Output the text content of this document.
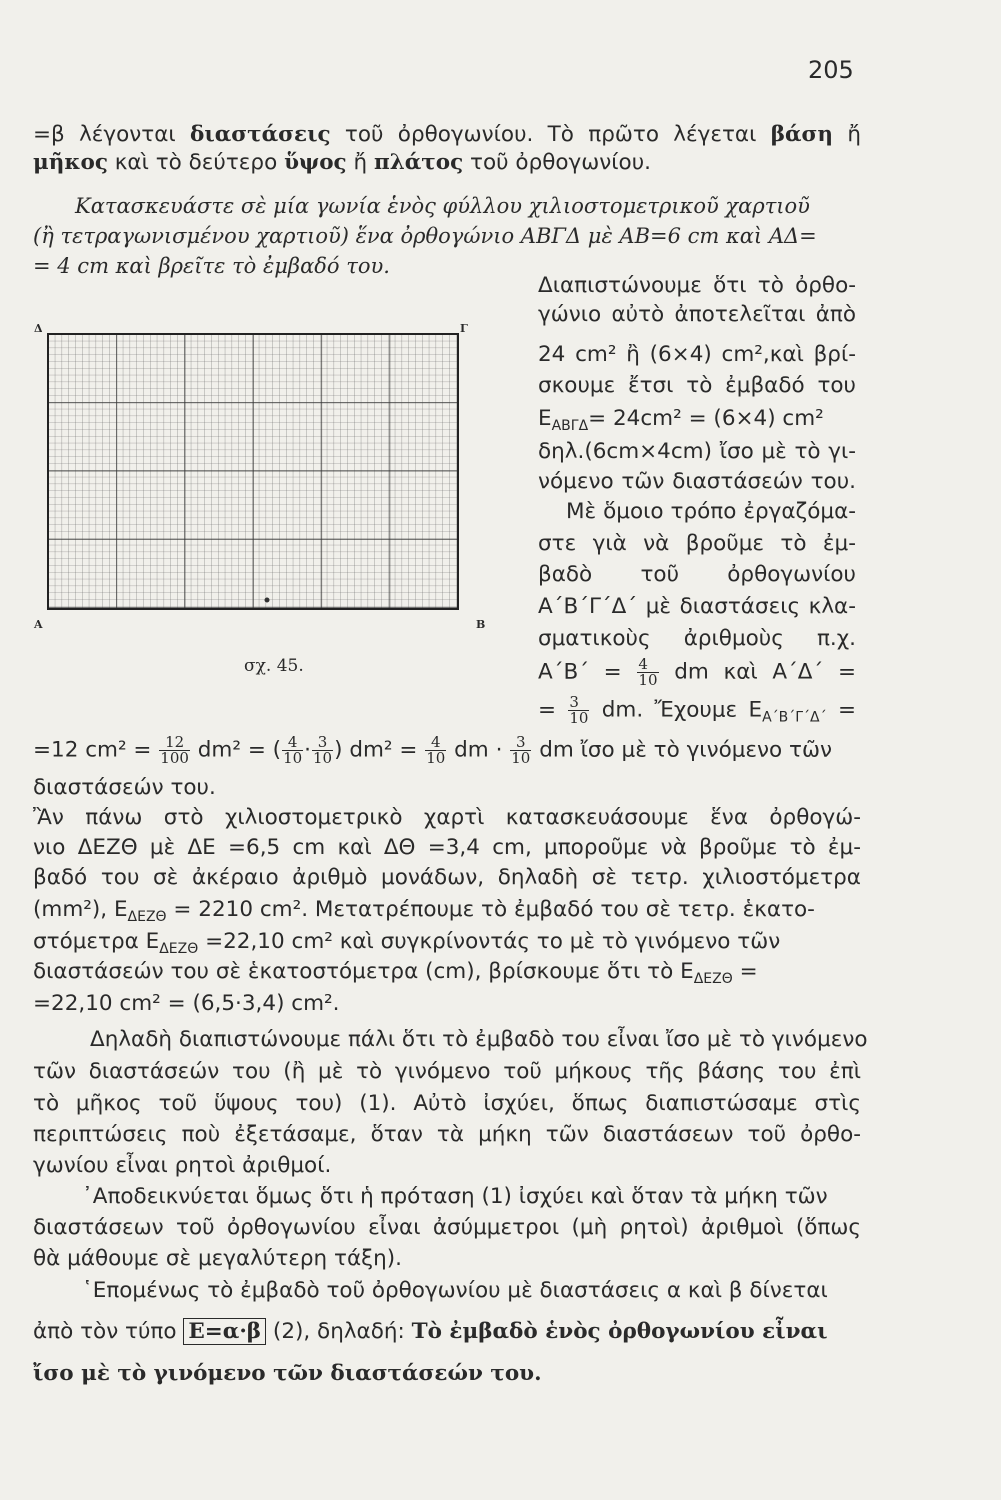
205
=β λέγονται διαστάσεις τοῦ ὀρθογωνίου. Τὸ πρῶτο λέγεται βάση ἤ
μῆκος καὶ τὸ δεύτερο ὕψος ἤ πλάτος τοῦ ὀρθογωνίου.
Κατασκευάστε σὲ μία γωνία ἑνὸς φύλλου χιλιοστομετρικοῦ χαρτιοῦ
(ἢ τετραγωνισμένου χαρτιοῦ) ἕνα ὀρθογώνιο ΑΒΓΔ μὲ ΑΒ=6 cm καὶ ΑΔ=
= 4 cm καὶ βρεῖτε τὸ ἐμβαδό του.
Δ	Γ
Α	Β
σχ. 45.
Διαπιστώνουμε ὅτι τὸ ὀρθο-
γώνιο αὐτὸ ἀποτελεῖται ἀπὸ
24 cm² ἢ (6×4) cm²,καὶ βρί-
σκουμε ἔτσι τὸ ἐμβαδό του
$E_{AB\Gamma\Delta}= 24cm^2 = (6\times 4)$ cm²
δηλ.(6cm×4cm) ἴσο μὲ τὸ γι-
νόμενο τῶν διαστάσεών του.
Μὲ ὅμοιο τρόπο ἐργαζόμα-
στε γιὰ νὰ βροῦμε τὸ ἐμ-
βαδὸ τοῦ ὀρθογωνίου
Α΄Β΄Γ΄Δ΄ μὲ διαστάσεις κλα-
σματικοὺς ἀριθμοὺς π.χ.
$A΄B΄ = \frac{4}{10}$ dm καὶ Α΄Δ΄ =
= $\frac{3}{10}$ dm. Ἔχουμε $E_{A΄B΄\Gamma΄\Delta΄}$ =
=12 $cm^2 = \frac{12}{100} dm^2$ = ( $\frac{4}{10} \cdot \frac{3}{10}$ ) $dm^2 = \frac{4}{10}$ dm · $\frac{3}{10}$ dm ἴσο μὲ τὸ γινόμενο τῶν
διαστάσεών του.
Ἂν πάνω στὸ χιλιοστομετρικὸ χαρτὶ κατασκευάσουμε ἕνα ὀρθογώ-
νιο ΔΕΖΘ μὲ ΔΕ =6,5 cm καὶ ΔΘ =3,4 cm, μποροῦμε νὰ βροῦμε τὸ ἐμ-
βαδό του σὲ ἀκέραιο ἀριθμὸ μονάδων, δηλαδὴ σὲ τετρ. χιλιοστόμετρα
(mm²), $E_{\Delta EZ\Theta} = 2210$ cm². Μετατρέπουμε τὸ ἐμβαδό του σὲ τετρ. ἑκατο-
στόμετρα $E_{\Delta EZ\Theta} =22,10$ cm² καὶ συγκρίνοντάς το μὲ τὸ γινόμενο τῶν
διαστάσεών του σὲ ἑκατοστόμετρα (cm), βρίσκουμε ὅτι τὸ $E_{\Delta EZ\Theta}$ =
=22,10 cm² = (6,5·3,4) cm².
Δηλαδὴ διαπιστώνουμε πάλι ὅτι τὸ ἐμβαδὸ του εἶναι ἴσο μὲ τὸ γινόμενο
τῶν διαστάσεών του (ἢ μὲ τὸ γινόμενο τοῦ μήκους τῆς βάσης του ἐπὶ
τὸ μῆκος τοῦ ὕψους του) (1). Αὐτὸ ἰσχύει, ὅπως διαπιστώσαμε στὶς
περιπτώσεις ποὺ ἐξετάσαμε, ὅταν τὰ μήκη τῶν διαστάσεων τοῦ ὀρθο-
γωνίου εἶναι ρητοὶ ἀριθμοί.
᾿Αποδεικνύεται ὅμως ὅτι ἡ πρόταση (1) ἰσχύει καὶ ὅταν τὰ μήκη τῶν
διαστάσεων τοῦ ὀρθογωνίου εἶναι ἀσύμμετροι (μὴ ρητοὶ) ἀριθμοὶ (ὅπως
θὰ μάθουμε σὲ μεγαλύτερη τάξη).
῾Επομένως τὸ ἐμβαδὸ τοῦ ὀρθογωνίου μὲ διαστάσεις α καὶ β δίνεται
ἀπὸ τὸν τύπο Ε=α·β (2), δηλαδή: Τὸ ἐμβαδὸ ἑνὸς ὀρθογωνίου εἶναι
ἴσο μὲ τὸ γινόμενο τῶν διαστάσεών του.
